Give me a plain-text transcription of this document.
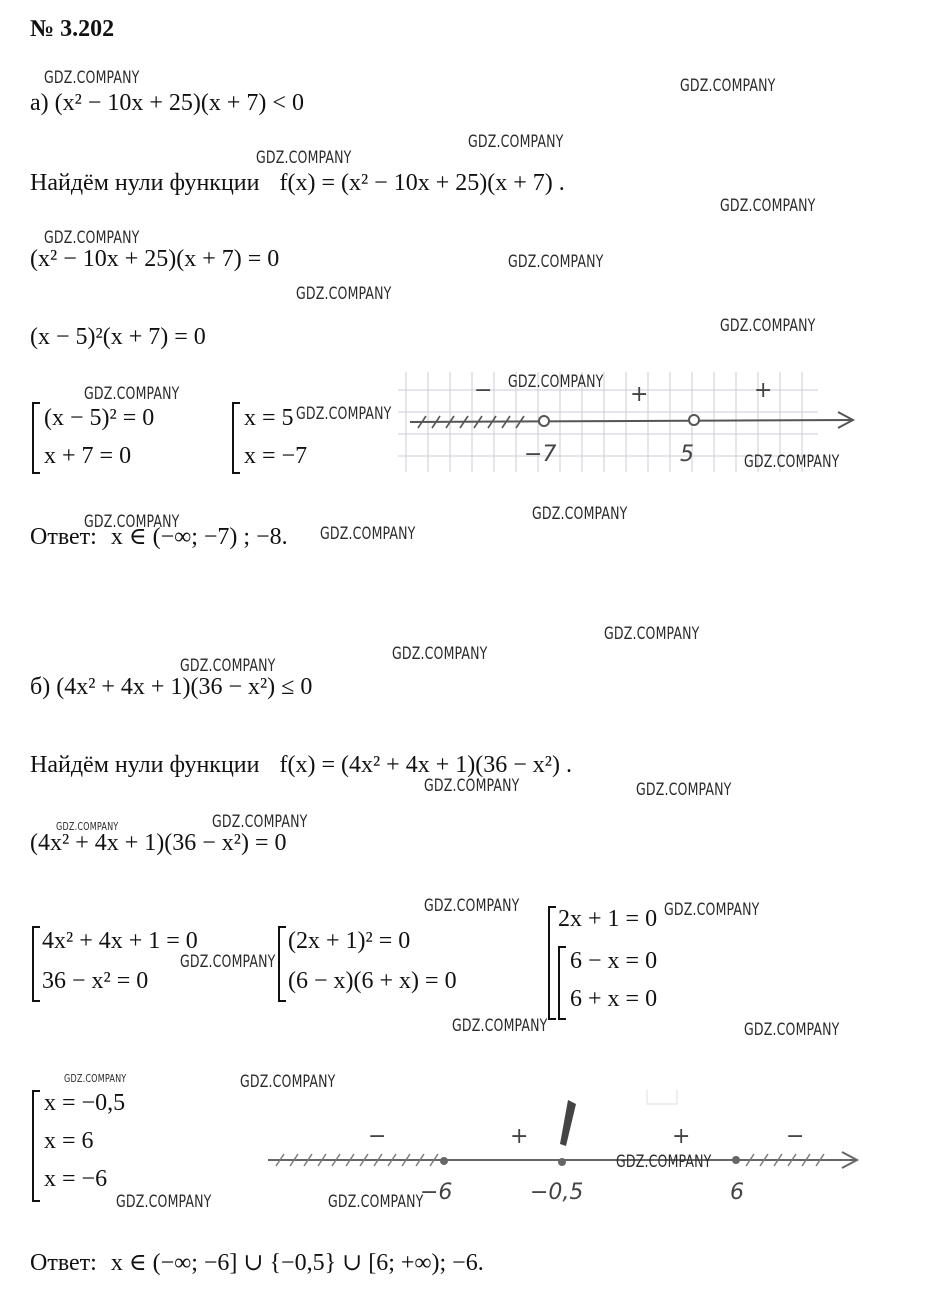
№ 3.202
а) (x² − 10x + 25)(x + 7) < 0
Найдём нули функции f(x) = (x² − 10x + 25)(x + 7) .
(x² − 10x + 25)(x + 7) = 0
(x − 5)²(x + 7) = 0
(x − 5)² = 0
x + 7 = 0
x = 5
x = −7
−	+	+
−7	5
Ответ: x ∈ (−∞; −7) ; −8.
б) (4x² + 4x + 1)(36 − x²) ≤ 0
Найдём нули функции f(x) = (4x² + 4x + 1)(36 − x²) .
(4x² + 4x + 1)(36 − x²) = 0
4x² + 4x + 1 = 0
36 − x² = 0
(2x + 1)² = 0
(6 − x)(6 + x) = 0
2x + 1 = 0
6 − x = 0
6 + x = 0
x = −0,5
x = 6
x = −6
−	+	+	−
−6	−0,5	6
Ответ: x ∈ (−∞; −6] ∪ {−0,5} ∪ [6; +∞); −6.
GDZ.COMPANY	GDZ.COMPANY
GDZ.COMPANY
GDZ.COMPANY
GDZ.COMPANY
GDZ.COMPANY
GDZ.COMPANY
GDZ.COMPANY
GDZ.COMPANY
GDZ.COMPANY
GDZ.COMPANY
GDZ.COMPANY
GDZ.COMPANY
GDZ.COMPANY	GDZ.COMPANY
GDZ.COMPANY
GDZ.COMPANY
GDZ.COMPANY
GDZ.COMPANY
GDZ.COMPANY	GDZ.COMPANY
GDZ.COMPANY	GDZ.COMPANY
GDZ.COMPANY	GDZ.COMPANY
GDZ.COMPANY
GDZ.COMPANY	GDZ.COMPANY
GDZ.COMPANY	GDZ.COMPANY
GDZ.COMPANY
GDZ.COMPANY	GDZ.COMPANY
